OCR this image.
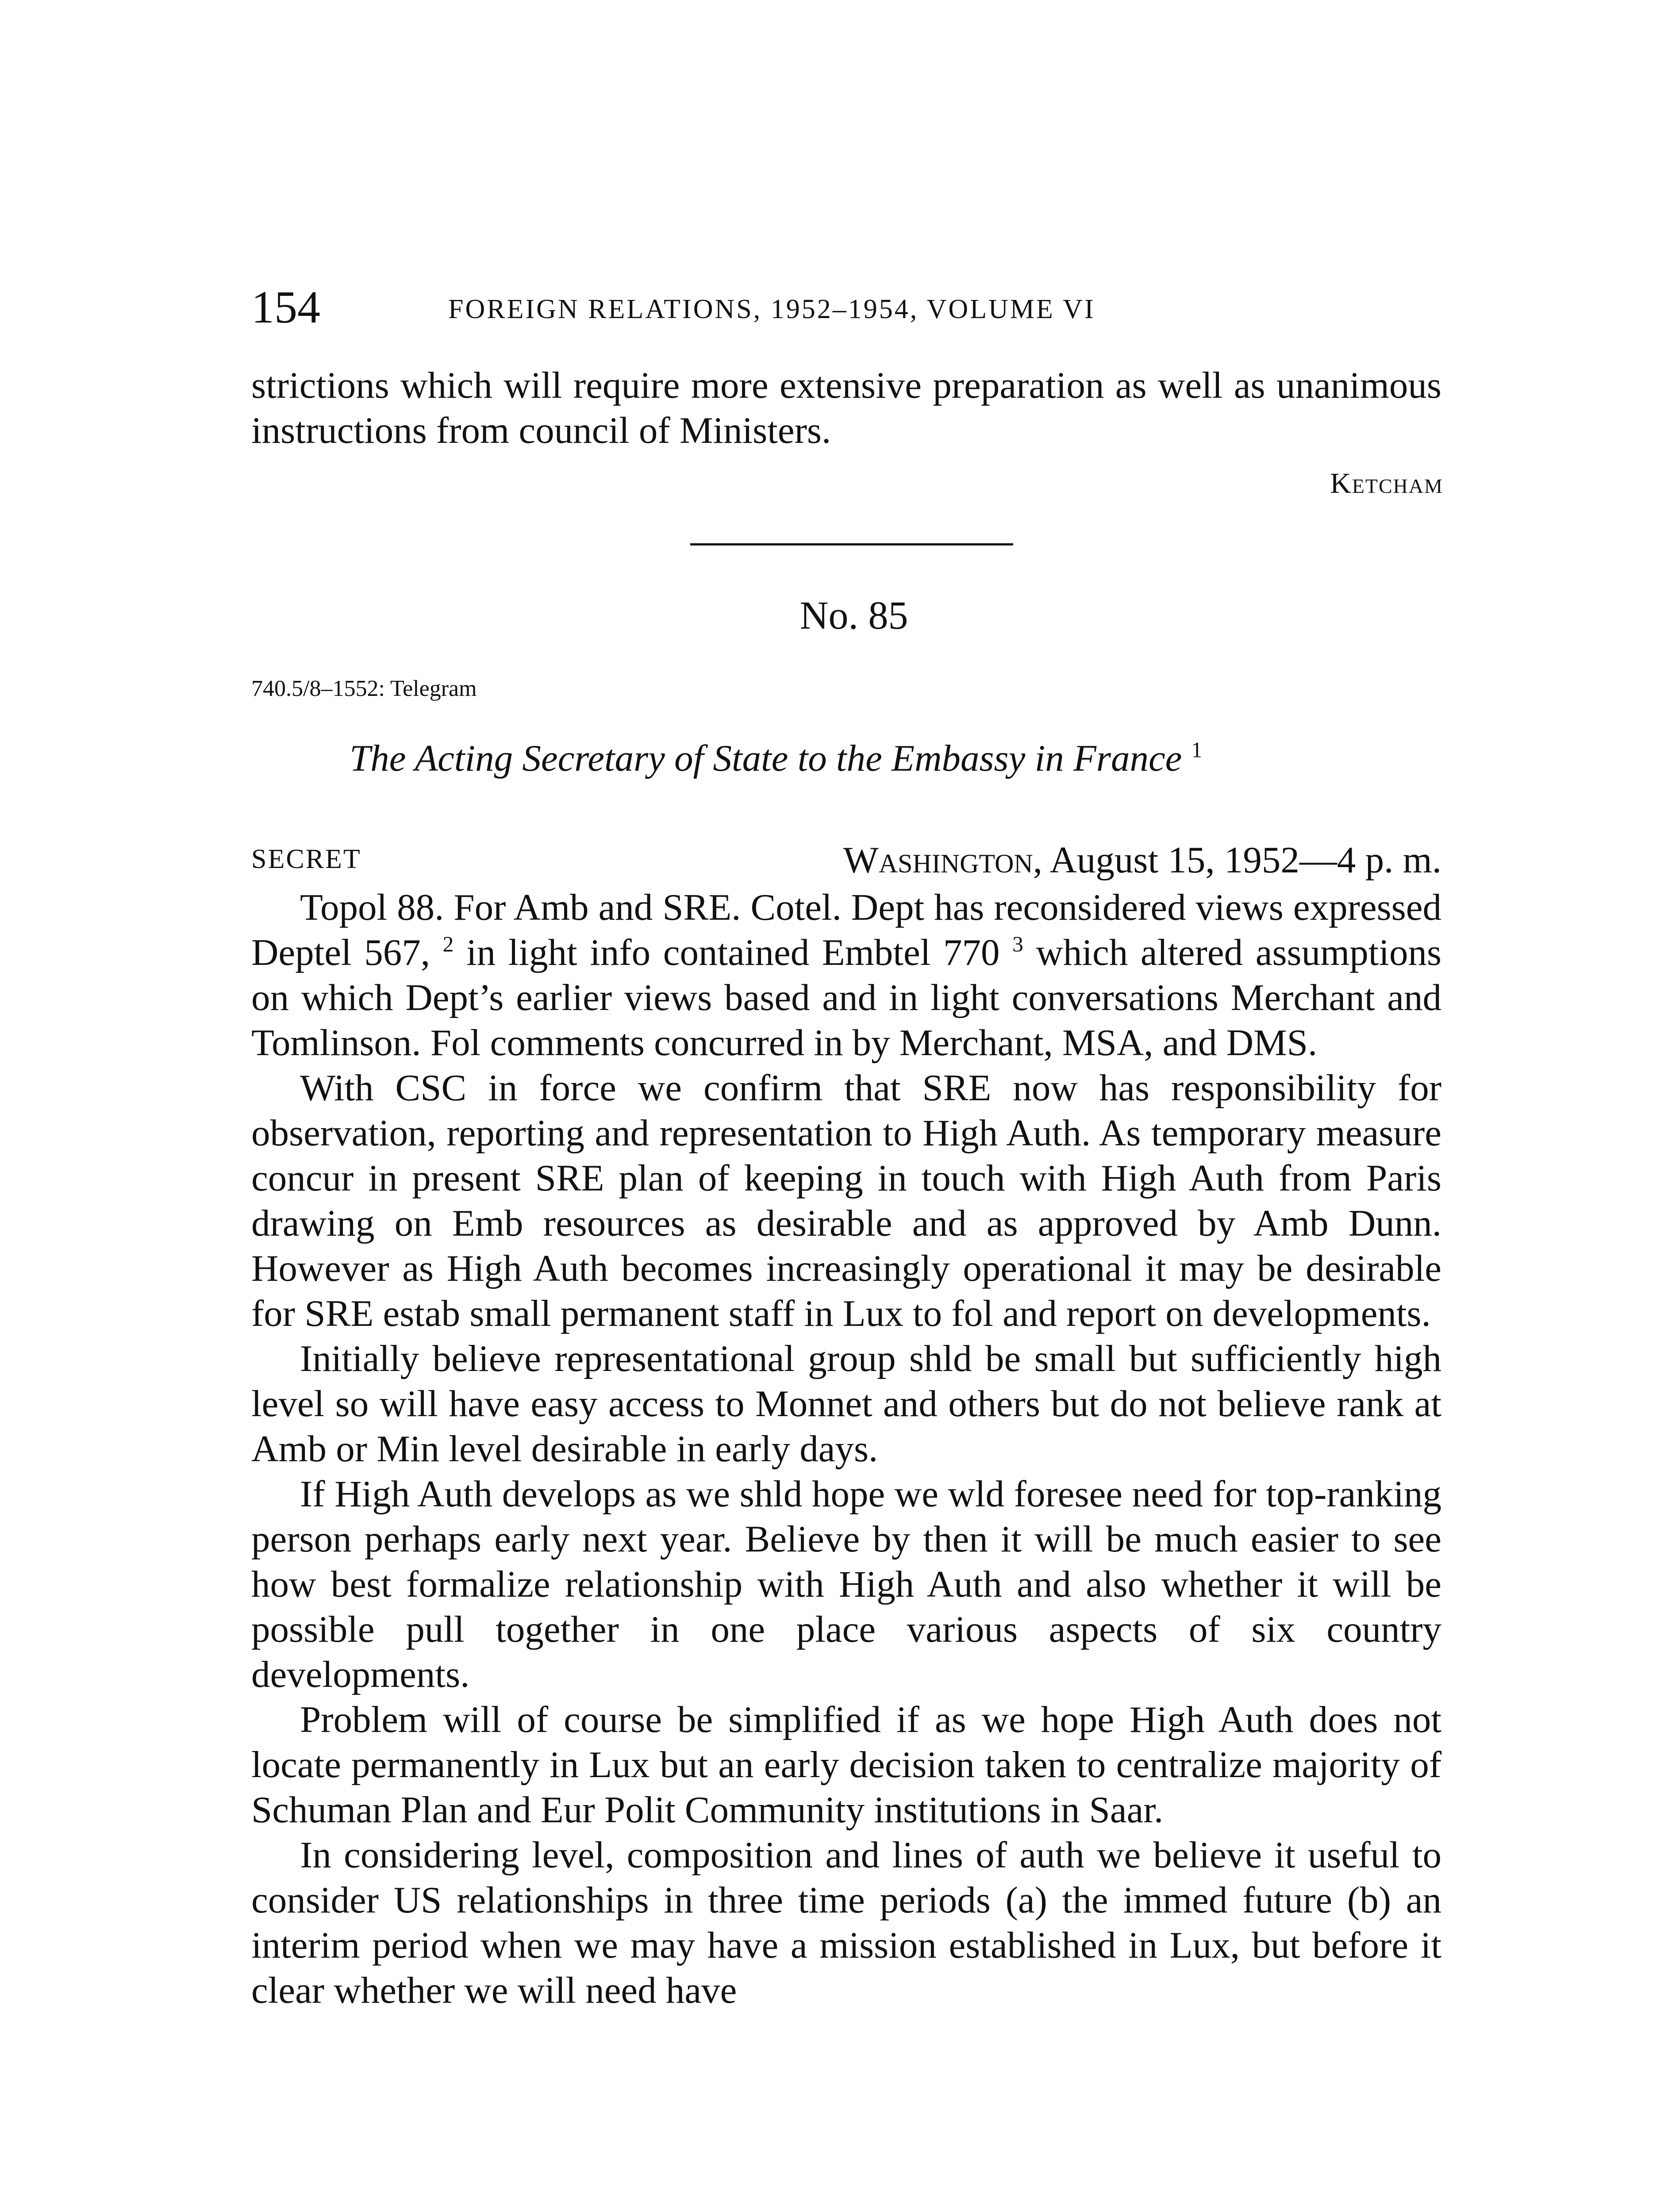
154	FOREIGN RELATIONS, 1952–1954, VOLUME VI
strictions which will require more extensive preparation as well as unanimous instructions from council of Ministers.
Ketcham
No. 85
740.5/8–1552: Telegram
The Acting Secretary of State to the Embassy in France $^1$
SECRET	Washington, August 15, 1952—4 p. m.

Topol 88. For Amb and SRE. Cotel. Dept has reconsidered views expressed Deptel 567, $^2$ in light info contained Embtel 770 $^3$ which altered assumptions on which Dept’s earlier views based and in light conversations Merchant and Tomlinson. Fol comments concurred in by Merchant, MSA, and DMS.

With CSC in force we confirm that SRE now has responsibility for observation, reporting and representation to High Auth. As temporary measure concur in present SRE plan of keeping in touch with High Auth from Paris drawing on Emb resources as desirable and as approved by Amb Dunn. However as High Auth becomes increasingly operational it may be desirable for SRE estab small permanent staff in Lux to fol and report on developments.

Initially believe representational group shld be small but sufficiently high level so will have easy access to Monnet and others but do not believe rank at Amb or Min level desirable in early days.

If High Auth develops as we shld hope we wld foresee need for top-ranking person perhaps early next year. Believe by then it will be much easier to see how best formalize relationship with High Auth and also whether it will be possible pull together in one place various aspects of six country developments.

Problem will of course be simplified if as we hope High Auth does not locate permanently in Lux but an early decision taken to centralize majority of Schuman Plan and Eur Polit Community institutions in Saar.

In considering level, composition and lines of auth we believe it useful to consider US relationships in three time periods (a) the immed future (b) an interim period when we may have a mission established in Lux, but before it clear whether we will need have
